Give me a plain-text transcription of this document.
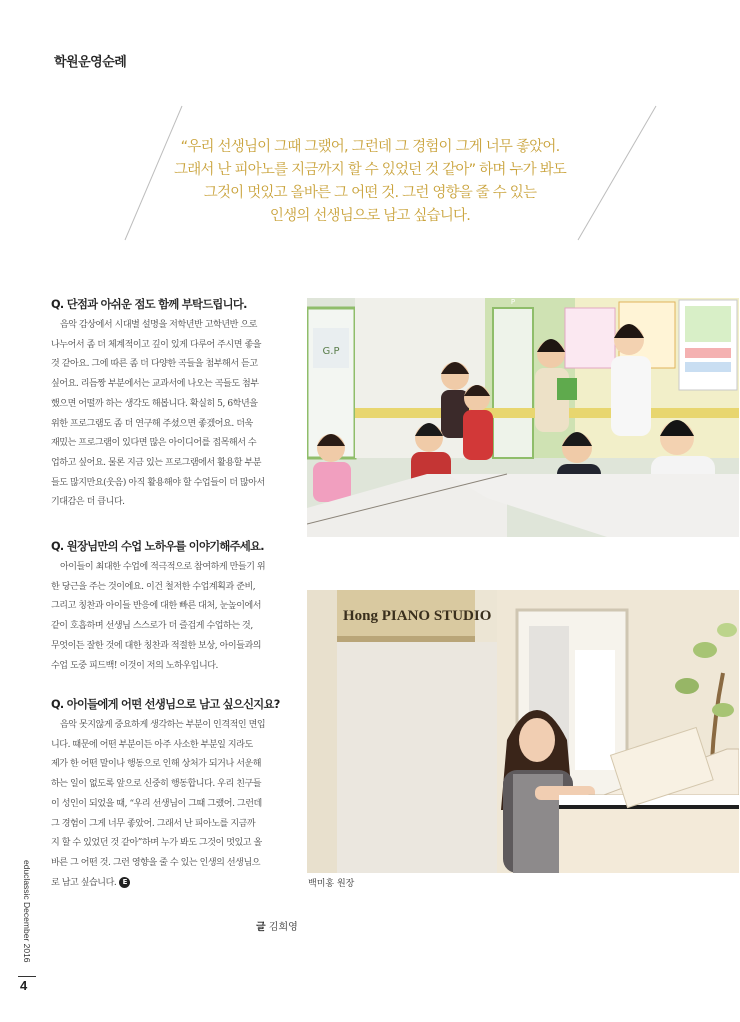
학원운영순례
“우리 선생님이 그때 그랬어, 그런데 그 경험이 그게 너무 좋았어.
그래서 난 피아노를 지금까지 할 수 있었던 것 같아” 하며 누가 봐도
그것이 멋있고 올바른 그 어떤 것. 그런 영향을 줄 수 있는
인생의 선생님으로 남고 싶습니다.
Q. 단점과 아쉬운 점도 함께 부탁드립니다.
음악 감상에서 시대별 설명을 저학년반 고학년반 으로
나누어서 좀 더 체계적이고 깊이 있게 다루어 주시면 좋을
것 같아요. 그에 따른 좀 더 다양한 곡들을 첨부해서 듣고
싶어요. 리듬짱 부분에서는 교과서에 나오는 곡들도 첨부
했으면 어떨까 하는 생각도 해봅니다. 확실히 5, 6학년을
위한 프로그램도 좀 더 연구해 주셨으면 좋겠어요. 더욱
재밌는 프로그램이 있다면 많은 아이디어를 접목해서 수
업하고 싶어요. 물론 지금 있는 프로그램에서 활용할 부분
들도 많지만요(웃음) 아직 활용해야 할 수업들이 더 많아서
기대감은 더 큽니다.
Q. 원장님만의 수업 노하우를 이야기해주세요.
아이들이 최대한 수업에 적극적으로 참여하게 만들기 위
한 당근을 주는 것이에요. 이건 철저한 수업계획과 준비,
그리고 칭찬과 아이들 반응에 대한 빠른 대처, 눈높이에서
같이 호흡하며 선생님 스스로가 더 즐겁게 수업하는 것,
무엇이든 잘한 것에 대한 칭찬과 적절한 보상, 아이들과의
수업 도중 피드백! 이것이 저의 노하우입니다.
Q. 아이들에게 어떤 선생님으로 남고 싶으신지요?
음악 못지않게 중요하게 생각하는 부분이 인격적인 면입
니다. 때문에 어떤 부분이든 아주 사소한 부분일 지라도
제가 한 어떤 말이나 행동으로 인해 상처가 되거나 서운해
하는 일이 없도록 앞으로 신중히 행동합니다. 우리 친구들
이 성인이 되었을 때, “우리 선생님이 그때 그랬어. 그런데
그 경험이 그게 너무 좋았어. 그래서 난 피아노를 지금까
지 할 수 있었던 것 같아”하며 누가 봐도 그것이 멋있고 올
바른 그 어떤 것. 그런 영향을 줄 수 있는 인생의 선생님으
로 남고 싶습니다. E
G.P
P
Hong PIANO STUDIO
백미홍 원장
글 김희영
educlassic December 2016
4
